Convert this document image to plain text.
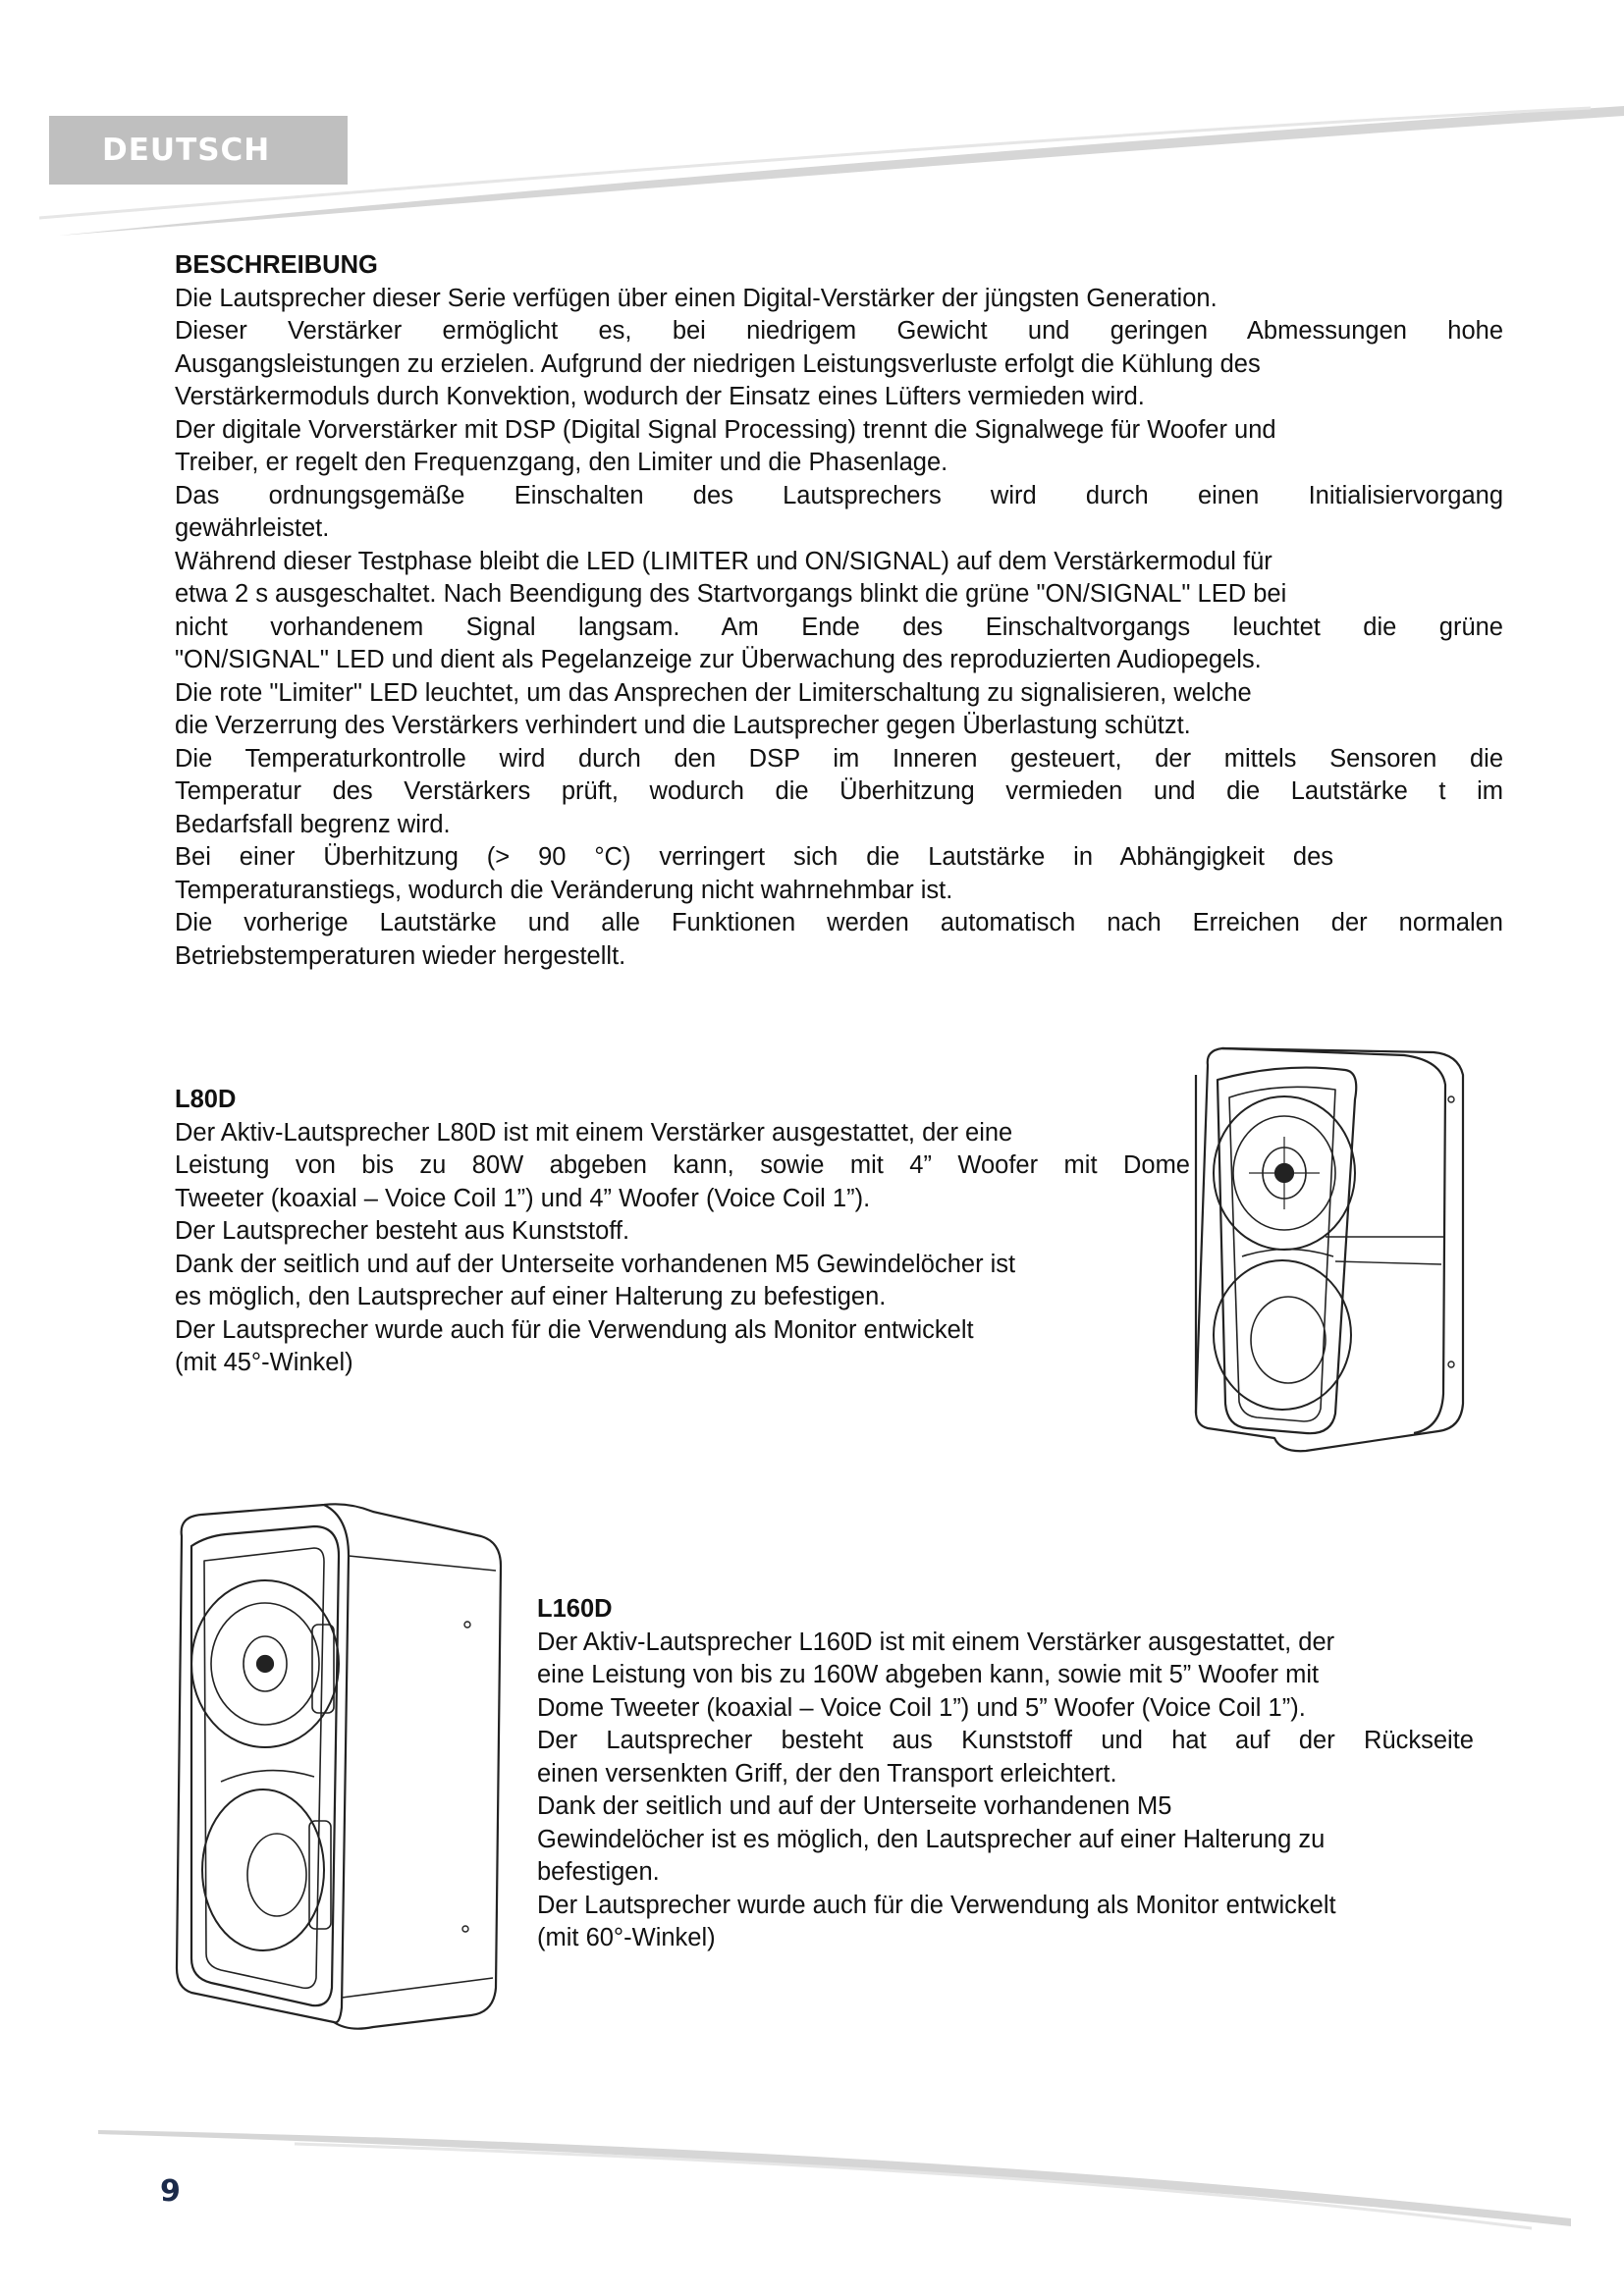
DEUTSCH

BESCHREIBUNG

Die Lautsprecher dieser Serie verfügen über einen Digital-Verstärker der jüngsten Generation.

Dieser Verstärker ermöglicht es, bei niedrigem Gewicht und geringen Abmessungen hohe

Ausgangsleistungen zu erzielen. Aufgrund der niedrigen Leistungsverluste erfolgt die Kühlung des

Verstärkermoduls durch Konvektion, wodurch der Einsatz eines Lüfters vermieden wird.

Der digitale Vorverstärker mit DSP (Digital Signal Processing) trennt die Signalwege für Woofer und

Treiber, er regelt den Frequenzgang, den Limiter und die Phasenlage.

Das ordnungsgemäße Einschalten des Lautsprechers wird durch einen Initialisiervorgang

gewährleistet.

Während dieser Testphase bleibt die LED (LIMITER und ON/SIGNAL) auf dem Verstärkermodul für

etwa 2 s ausgeschaltet. Nach Beendigung des Startvorgangs blinkt die grüne "ON/SIGNAL" LED bei

nicht vorhandenem Signal langsam. Am Ende des Einschaltvorgangs leuchtet die grüne

"ON/SIGNAL" LED und dient als Pegelanzeige zur Überwachung des reproduzierten Audiopegels.

Die rote "Limiter" LED leuchtet, um das Ansprechen der Limiterschaltung zu signalisieren, welche

die Verzerrung des Verstärkers verhindert und die Lautsprecher gegen Überlastung schützt.

Die Temperaturkontrolle wird durch den DSP im Inneren gesteuert, der mittels Sensoren die

Temperatur des Verstärkers prüft, wodurch die Überhitzung vermieden und die Lautstärke t im

Bedarfsfall begrenz wird.

Bei einer Überhitzung (> 90 °C) verringert sich die Lautstärke in Abhängigkeit des

Temperaturanstiegs, wodurch die Veränderung nicht wahrnehmbar ist.

Die vorherige Lautstärke und alle Funktionen werden automatisch nach Erreichen der normalen

Betriebstemperaturen wieder hergestellt.

L80D

Der Aktiv-Lautsprecher L80D ist mit einem Verstärker ausgestattet, der eine

Leistung von bis zu 80W abgeben kann, sowie mit 4” Woofer mit Dome

Tweeter (koaxial – Voice Coil 1”) und 4” Woofer (Voice Coil 1”).

Der Lautsprecher besteht aus Kunststoff.

Dank der seitlich und auf der Unterseite vorhandenen M5 Gewindelöcher ist

es möglich, den Lautsprecher auf einer Halterung zu befestigen.

Der Lautsprecher wurde auch für die Verwendung als Monitor entwickelt

(mit 45°-Winkel)

L160D

Der Aktiv-Lautsprecher L160D ist mit einem Verstärker ausgestattet, der

eine Leistung von bis zu 160W abgeben kann, sowie mit 5” Woofer mit

Dome Tweeter (koaxial – Voice Coil 1”) und 5” Woofer (Voice Coil 1”).

Der Lautsprecher besteht aus Kunststoff und hat auf der Rückseite

einen versenkten Griff, der den Transport erleichtert.

Dank der seitlich und auf der Unterseite vorhandenen M5

Gewindelöcher ist es möglich, den Lautsprecher auf einer Halterung zu

befestigen.

Der Lautsprecher wurde auch für die Verwendung als Monitor entwickelt

(mit 60°-Winkel)

9
